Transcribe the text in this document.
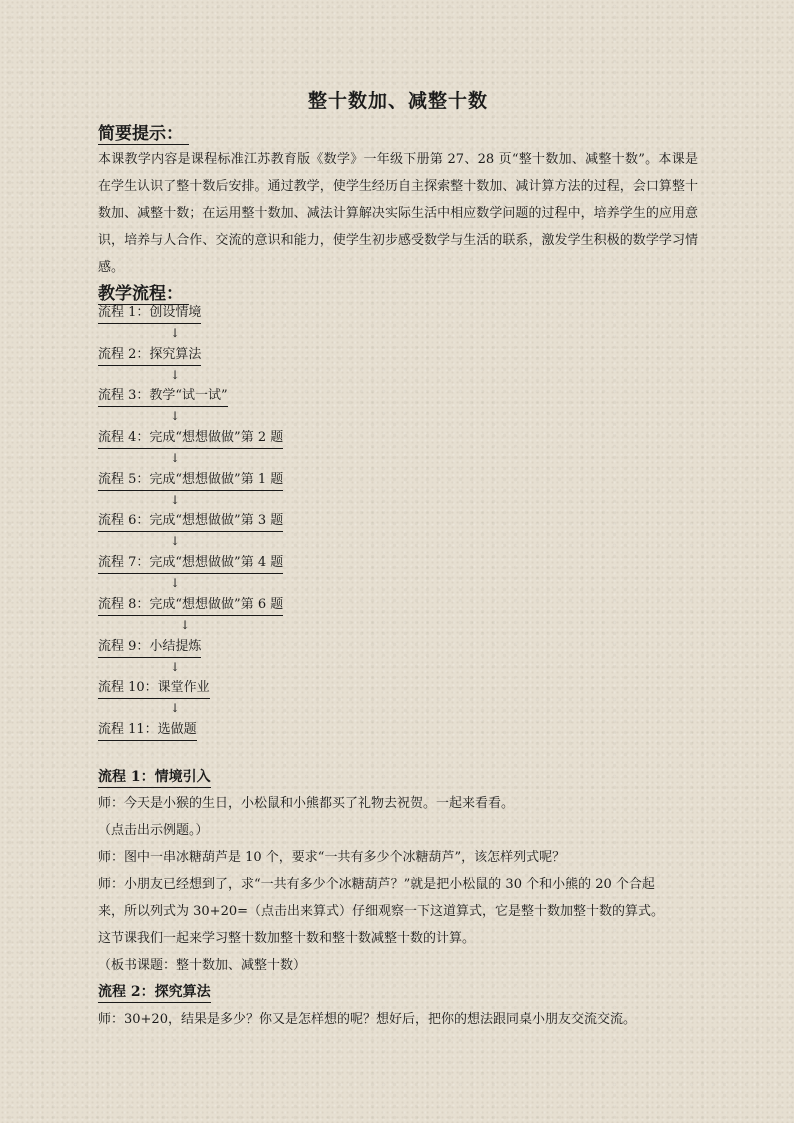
整十数加、减整十数
简要提示：

本课教学内容是课程标准江苏教育版《数学》一年级下册第 27、28 页“整十数加、减整十数”。本课是在学生认识了整十数后安排。通过教学，使学生经历自主探索整十数加、减计算方法的过程，会口算整十数加、减整十数；在运用整十数加、减法计算解决实际生活中相应数学问题的过程中，培养学生的应用意识，培养与人合作、交流的意识和能力，使学生初步感受数学与生活的联系，激发学生积极的数学学习情感。

教学流程：
流程 1：创设情境
↓
流程 2：探究算法
↓
流程 3：教学“试一试”
↓
流程 4：完成“想想做做”第 2 题
↓
流程 5：完成“想想做做”第 1 题
↓
流程 6：完成“想想做做”第 3 题
↓
流程 7：完成“想想做做”第 4 题
↓
流程 8：完成“想想做做”第 6 题
↓
流程 9：小结提炼
↓
流程 10：课堂作业
↓
流程 11：选做题
流程 1：情境引入

师：今天是小猴的生日，小松鼠和小熊都买了礼物去祝贺。一起来看看。

（点击出示例题。）

师：图中一串冰糖葫芦是 10 个，要求“一共有多少个冰糖葫芦”，该怎样列式呢？

师：小朋友已经想到了，求“一共有多少个冰糖葫芦？”就是把小松鼠的 30 个和小熊的 20 个合起

来，所以列式为 30+20=（点击出来算式）仔细观察一下这道算式，它是整十数加整十数的算式。

这节课我们一起来学习整十数加整十数和整十数减整十数的计算。

（板书课题：整十数加、减整十数）

流程 2：探究算法

师：30+20，结果是多少？你又是怎样想的呢？想好后，把你的想法跟同桌小朋友交流交流。
